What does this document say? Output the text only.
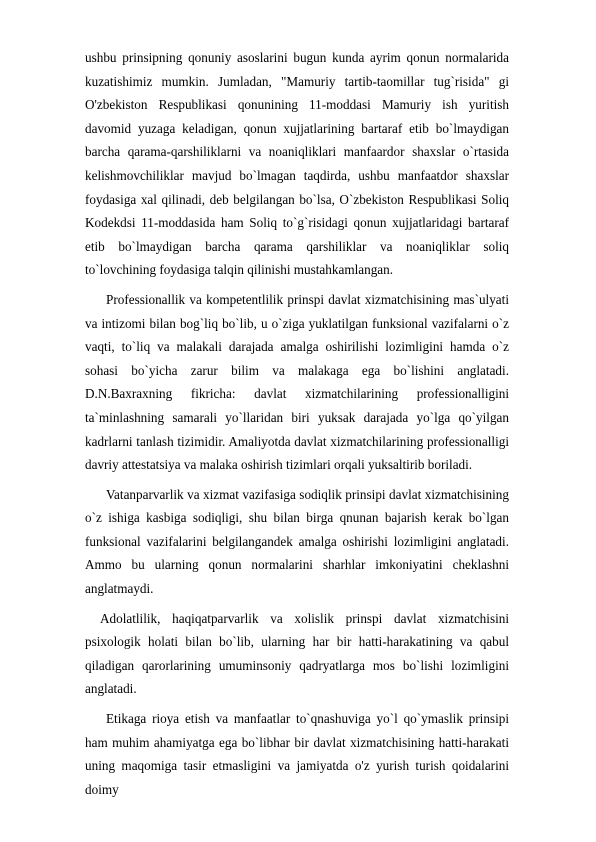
ushbu prinsipning qonuniy asoslarini bugun kunda ayrim qonun normalarida kuzatishimiz mumkin. Jumladan, "Mamuriy tartib-taomillar tug`risida" gi O'zbekiston Respublikasi qonunining 11-moddasi Mamuriy ish yuritish davomid yuzaga keladigan, qonun xujjatlarining bartaraf etib bo`lmaydigan barcha qarama-qarshiliklarni va noaniqliklari manfaardor shaxslar o`rtasida kelishmovchiliklar mavjud bo`lmagan taqdirda, ushbu manfaatdor shaxslar foydasiga xal qilinadi, deb belgilangan bo`lsa, O`zbekiston Respublikasi Soliq Kodekdsi 11-moddasida ham Soliq to`g`risidagi qonun xujjatlaridagi bartaraf etib bo`lmaydigan barcha qarama qarshiliklar va noaniqliklar soliq to`lovchining foydasiga talqin qilinishi mustahkamlangan.

Professionallik va kompetentlilik prinspi davlat xizmatchisining mas`ulyati va intizomi bilan bog`liq bo`lib, u o`ziga yuklatilgan funksional vazifalarni o`z vaqti, to`liq va malakali darajada amalga oshirilishi lozimligini hamda o`z sohasi bo`yicha zarur bilim va malakaga ega bo`lishini anglatadi. D.N.Baxraxning fikricha: davlat xizmatchilarining professionalligini ta`minlashning samarali yo`llaridan biri yuksak darajada yo`lga qo`yilgan kadrlarni tanlash tizimidir. Amaliyotda davlat xizmatchilarining professionalligi davriy attestatsiya va malaka oshirish tizimlari orqali yuksaltirib boriladi.

Vatanparvarlik va xizmat vazifasiga sodiqlik prinsipi davlat xizmatchisining o`z ishiga kasbiga sodiqligi, shu bilan birga qnunan bajarish kerak bo`lgan funksional vazifalarini belgilangandek amalga oshirishi lozimligini anglatadi. Ammo bu ularning qonun normalarini sharhlar imkoniyatini cheklashni anglatmaydi.

Adolatlilik, haqiqatparvarlik va xolislik prinspi davlat xizmatchisini psixologik holati bilan bo`lib, ularning har bir hatti-harakatining va qabul qiladigan qarorlarining umuminsoniy qadryatlarga mos bo`lishi lozimligini anglatadi.

Etikaga rioya etish va manfaatlar to`qnashuviga yo`l qo`ymaslik prinsipi ham muhim ahamiyatga ega bo`libhar bir davlat xizmatchisining hatti-harakati uning maqomiga tasir etmasligini va jamiyatda o'z yurish turish qoidalarini doimy
